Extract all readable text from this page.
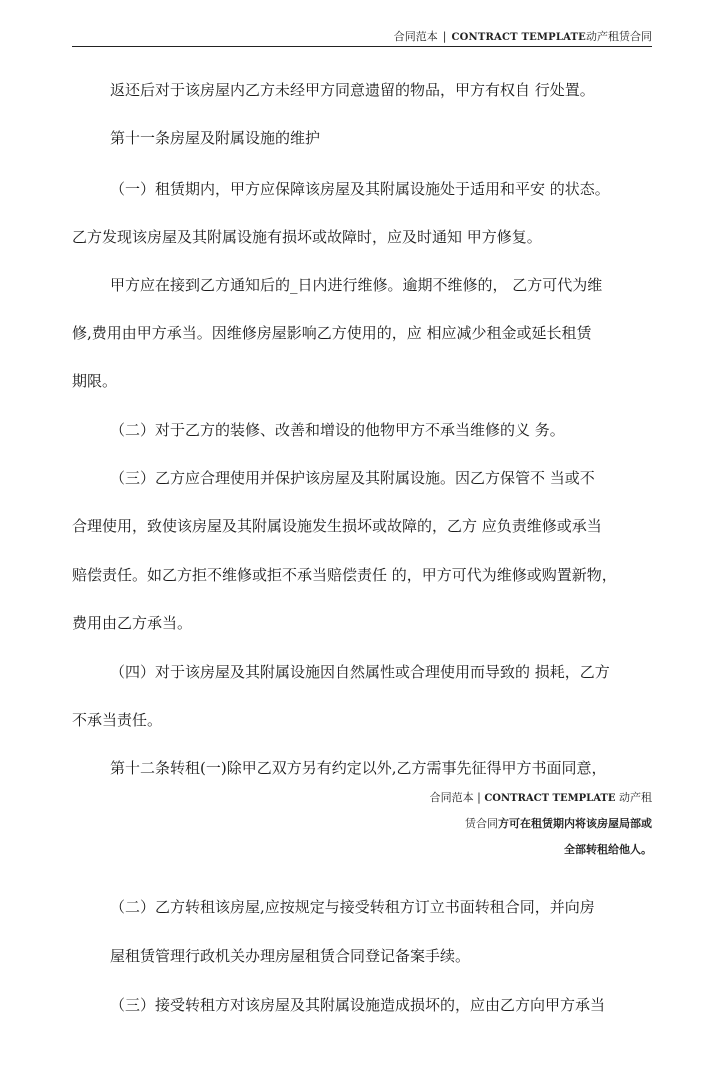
合同范本 | CONTRACT TEMPLATE动产租赁合同
返还后对于该房屋内乙方未经甲方同意遗留的物品，甲方有权自 行处置。
第十一条房屋及附属设施的维护
（一）租赁期内，甲方应保障该房屋及其附属设施处于适用和平安 的状态。
乙方发现该房屋及其附属设施有损坏或故障时，应及时通知 甲方修复。
甲方应在接到乙方通知后的_日内进行维修。逾期不维修的， 乙方可代为维
修,费用由甲方承当。因维修房屋影响乙方使用的，应 相应减少租金或延长租赁
期限。
（二）对于乙方的装修、改善和增设的他物甲方不承当维修的义 务。
（三）乙方应合理使用并保护该房屋及其附属设施。因乙方保管不 当或不
合理使用，致使该房屋及其附属设施发生损坏或故障的，乙方 应负责维修或承当
赔偿责任。如乙方拒不维修或拒不承当赔偿责任 的，甲方可代为维修或购置新物，
费用由乙方承当。
（四）对于该房屋及其附属设施因自然属性或合理使用而导致的 损耗，乙方
不承当责任。
第十二条转租(一)除甲乙双方另有约定以外,乙方需事先征得甲方书面同意，
合同范本 | CONTRACT TEMPLATE 动产租
赁合同方可在租赁期内将该房屋局部或
全部转租给他人。
（二）乙方转租该房屋,应按规定与接受转租方订立书面转租合同，并向房
屋租赁管理行政机关办理房屋租赁合同登记备案手续。
（三）接受转租方对该房屋及其附属设施造成损坏的，应由乙方向甲方承当
